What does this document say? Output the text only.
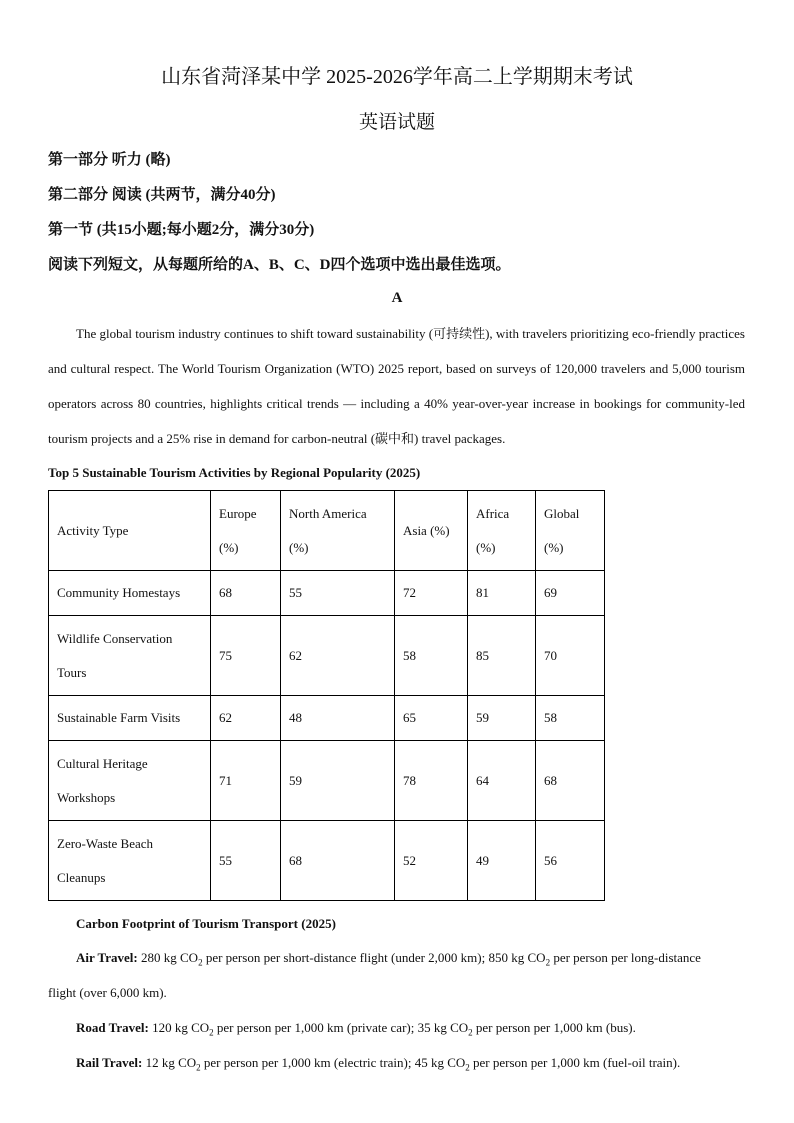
山东省菏泽某中学 2025-2026学年高二上学期期末考试
英语试题
第一部分 听力 (略)
第二部分 阅读 (共两节，满分40分)
第一节 (共15小题;每小题2分，满分30分)
阅读下列短文，从每题所给的A、B、C、D四个选项中选出最佳选项。
A
The global tourism industry continues to shift toward sustainability (可持续性), with travelers prioritizing eco-friendly practices and cultural respect. The World Tourism Organization (WTO) 2025 report, based on surveys of 120,000 travelers and 5,000 tourism operators across 80 countries, highlights critical trends — including a 40% year-over-year increase in bookings for community-led tourism projects and a 25% rise in demand for carbon-neutral (碳中和) travel packages.
Top 5 Sustainable Tourism Activities by Regional Popularity (2025)
Activity Type	Europe (%)	North America (%)	Asia (%)	Africa (%)	Global (%)
Community Homestays	68	55	72	81	69
Wildlife Conservation Tours	75	62	58	85	70
Sustainable Farm Visits	62	48	65	59	58
Cultural Heritage Workshops	71	59	78	64	68
Zero-Waste Beach Cleanups	55	68	52	49	56
Carbon Footprint of Tourism Transport (2025)
Air Travel: 280 kg $CO_2$ per person per short-distance flight (under 2,000 km); 850 kg $CO_2$ per person per long-distance
flight (over 6,000 km).
Road Travel: 120 kg $CO_2$ per person per 1,000 km (private car); 35 kg $CO_2$ per person per 1,000 km (bus).
Rail Travel: 12 kg $CO_2$ per person per 1,000 km (electric train); 45 kg $CO_2$ per person per 1,000 km (fuel-oil train).
